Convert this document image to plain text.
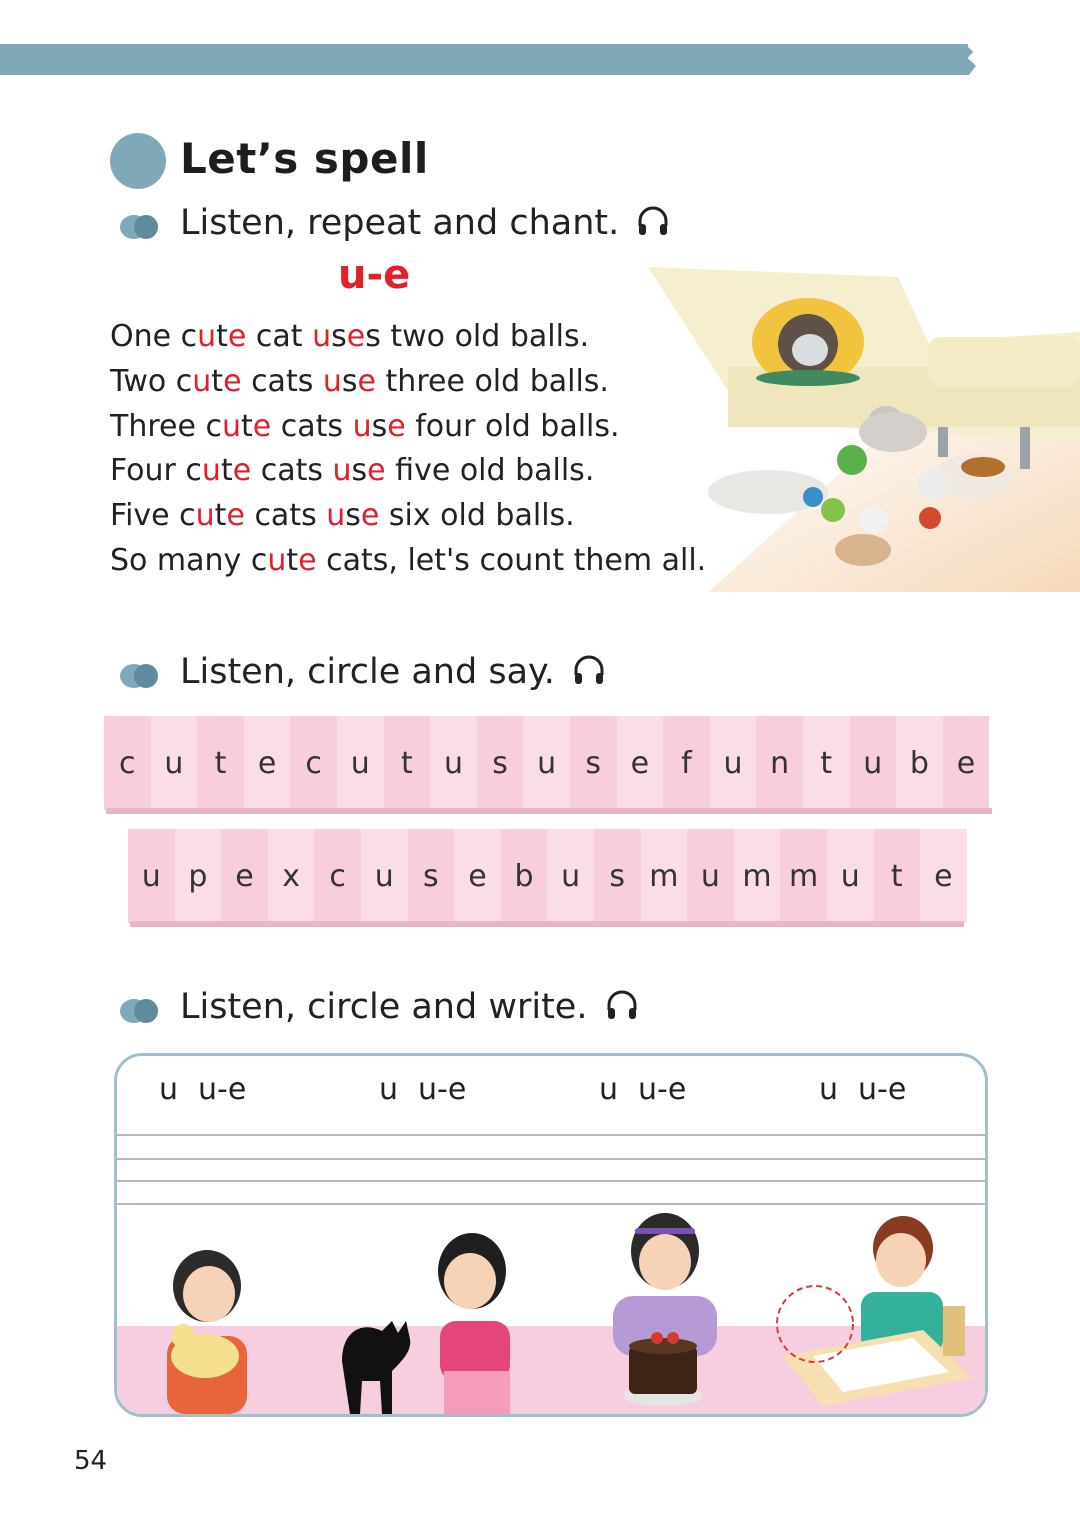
Let’s spell
Listen, repeat and chant.
u-e
One cute cat uses two old balls.
Two cute cats use three old balls.
Three cute cats use four old balls.
Four cute cats use five old balls.
Five cute cats use six old balls.
So many cute cats, let's count them all.
Listen, circle and say.
c u	t	e c u	t	u s u s e	f	u n	t	u b e
u p e x c u s e b u s m u m m u	t	e
Listen, circle and write.
u u-e	u u-e	u u-e	u u-e
54
